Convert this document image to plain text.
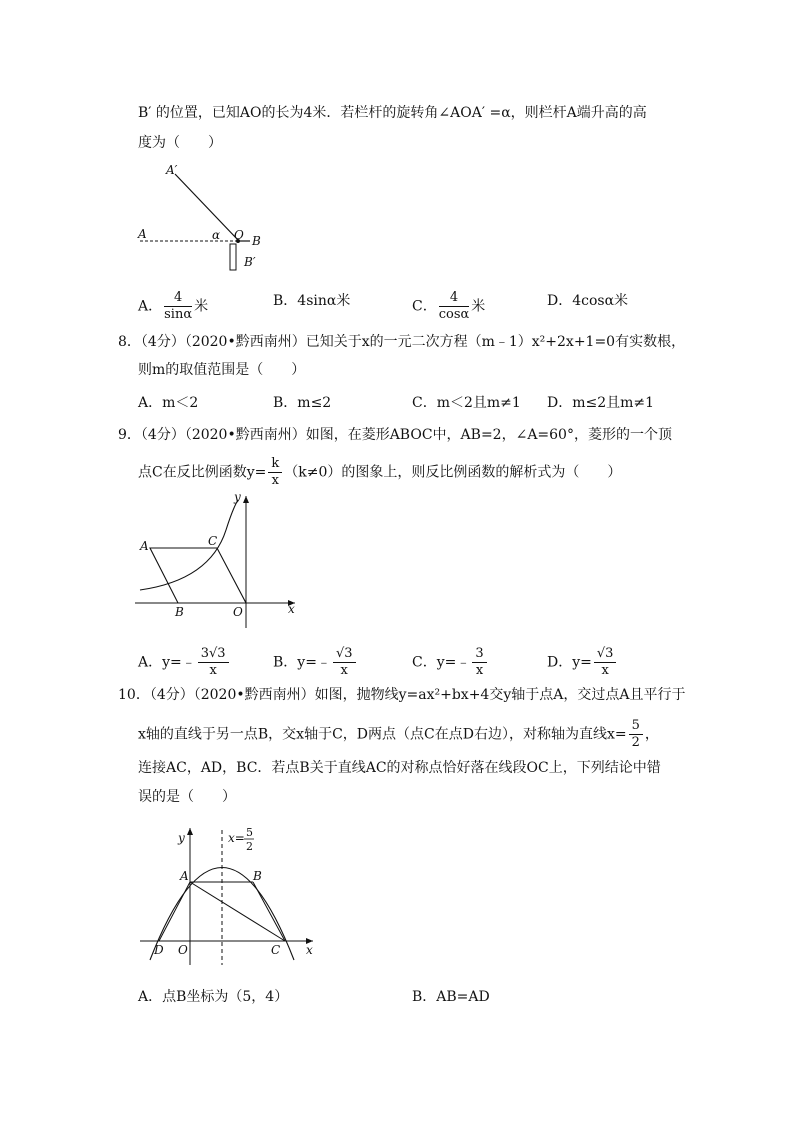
B′ 的位置，已知AO的长为4米．若栏杆的旋转角∠AOA′ =α，则栏杆A端升高的高
度为（　　）
A′
A	α O B
B′
A． $\frac{4}{\sin\alpha}$ 米	B．4sinα米	C． $\frac{4}{\cos\alpha}$ 米	D．4cosα米
8．（4分）（2020•黔西南州）已知关于x的一元二次方程（m﹣1）x²+2x+1=0有实数根，
则m的取值范围是（　　）
A．m＜2	B．m≤2	C．m＜2且m≠1 D．m≤2且m≠1
9．（4分）（2020•黔西南州）如图，在菱形ABOC中，AB=2，∠A=60°，菱形的一个顶
点C在反比例函数$y= \frac{k}{x} (k\ne 0)$的图象上，则反比例函数的解析式为（　　）
y
A	C
B	O	x
A．y=﹣ $\frac{3√3}{x}$	B．y=﹣ $\frac{√3}{x}$	C．y=﹣ $\frac{3}{x}$	D．$y= \frac{√3}{x}$
10．（4分）（2020•黔西南州）如图，抛物线y=ax²+bx+4交y轴于点A，交过点A且平行于
x轴的直线于另一点B，交x轴于C，D两点（点C在点D右边），对称轴为直线$x= \frac{5}{2}$ ，
连接AC，AD，BC．若点B关于直线AC的对称点恰好落在线段OC上，下列结论中错
误的是（　　）
y	x= 5
2
A	B
D O	C x
A．点B坐标为（5，4）	B．AB=AD
